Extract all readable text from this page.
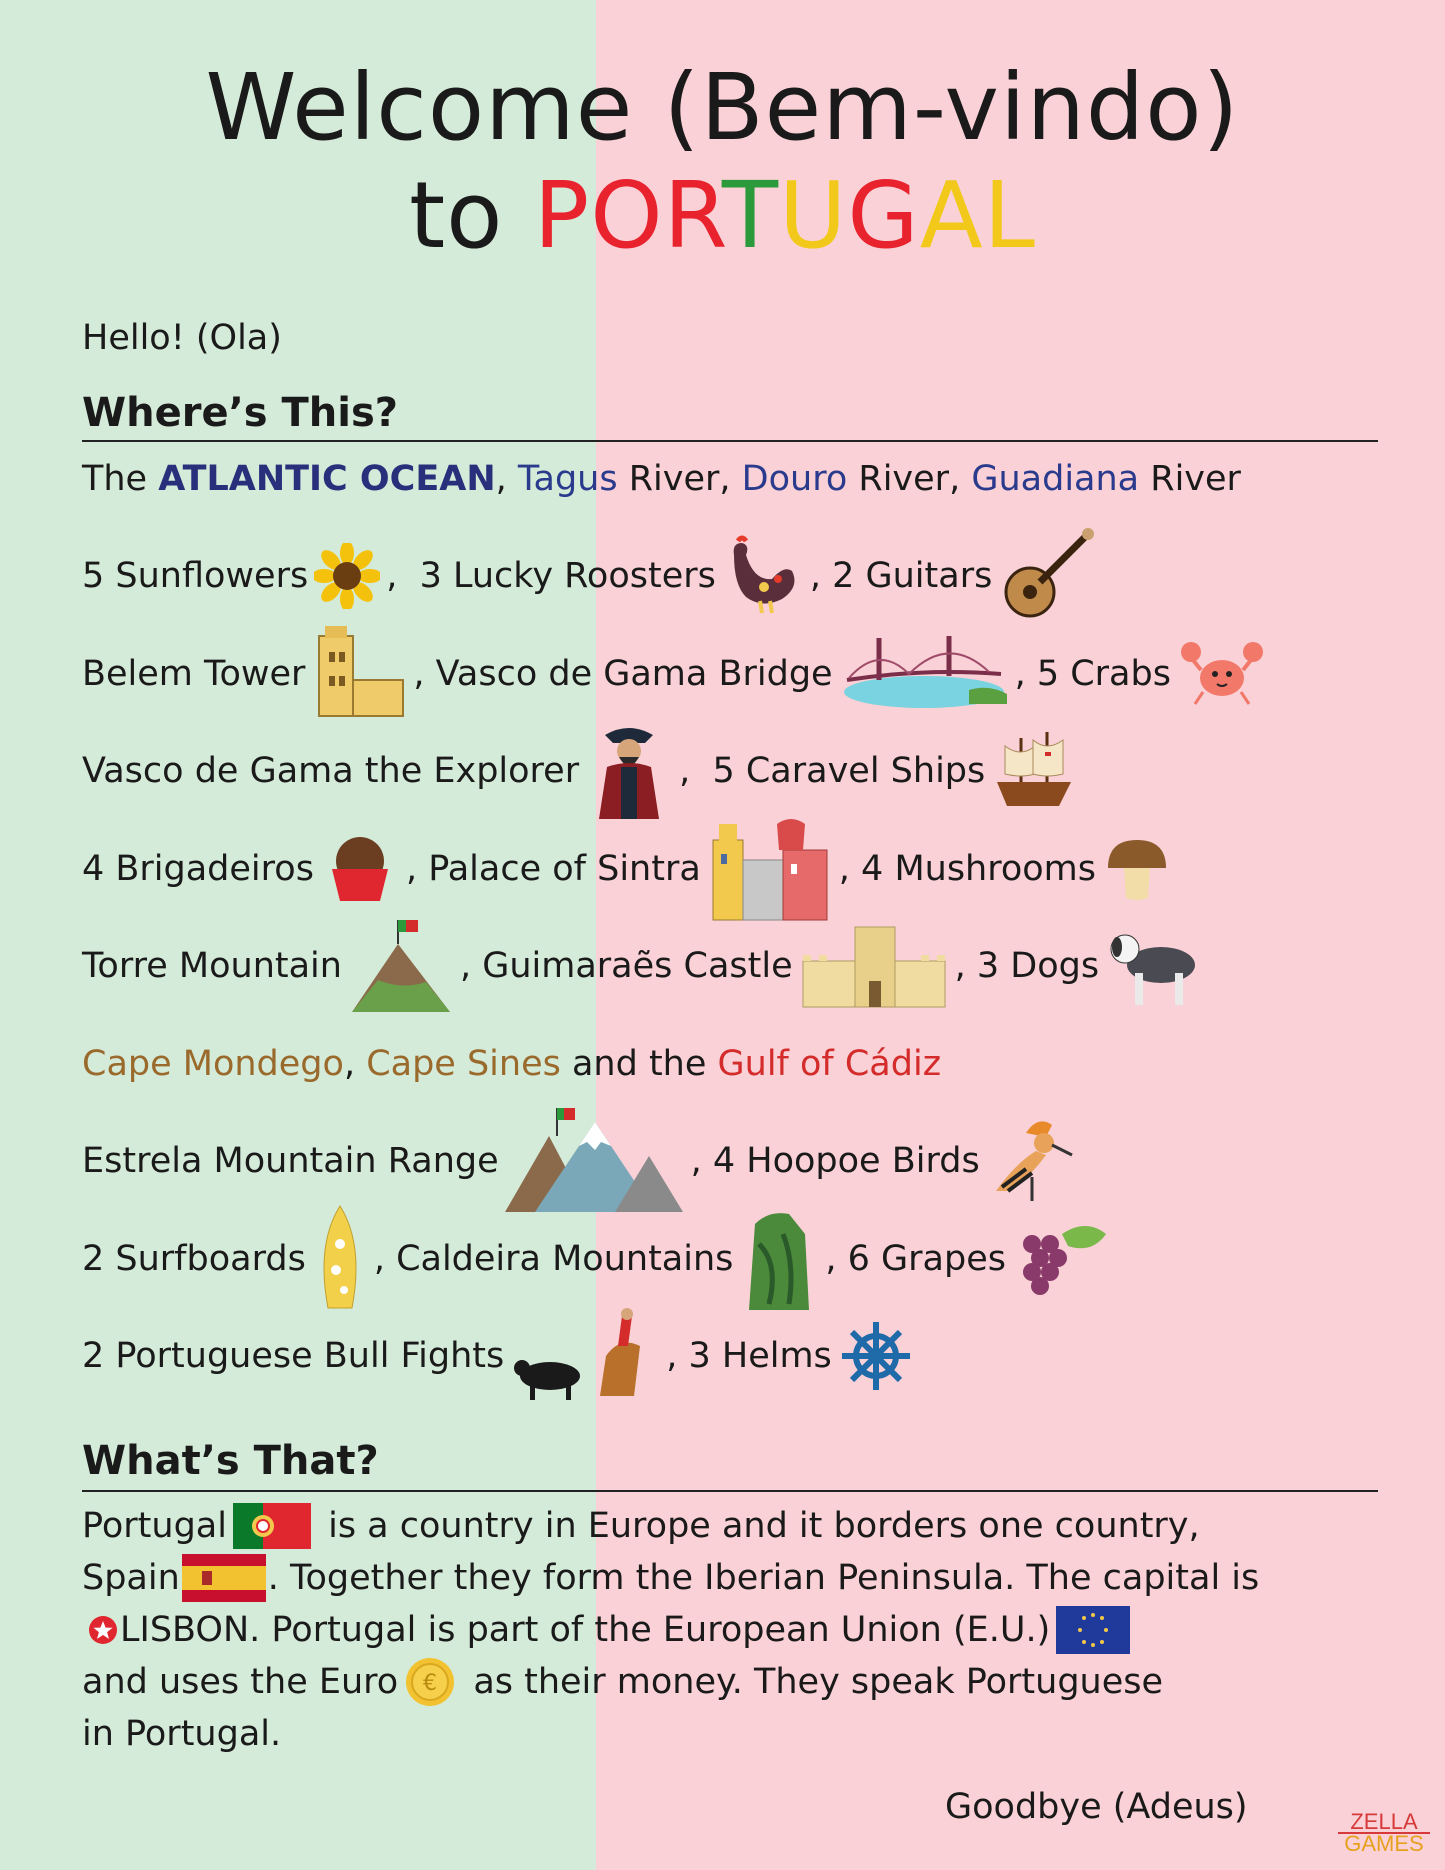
Welcome (Bem-vindo)
to PORTUGAL
Hello! (Ola)
Where’s This?
The ATLANTIC OCEAN , Tagus River , Douro River , Guadiana River
5 Sunflowers ,  3 Lucky Roosters	, 2 Guitars
Belem Tower	, Vasco de Gama Bridge	, 5 Crabs
Vasco de Gama the Explorer	,  5 Caravel Ships
4 Brigadeiros	, Palace of Sintra	, 4 Mushrooms
Torre Mountain	, Guimaraẽs Castle	, 3 Dogs
Cape Mondego , Cape Sines and the Gulf of Cádiz
Estrela Mountain Range	, 4 Hoopoe Birds
2 Surfboards , Caldeira Mountains	, 6 Grapes
2 Portuguese Bull Fights	, 3 Helms
What’s That?
Portugal	is a country in Europe and it borders one country,
Spain	. Together they form the Iberian Peninsula. The capital is
LISBON. Portugal is part of the European Union (E.U.)
and uses the Euro € as their money. They speak Portuguese
in Portugal.
Goodbye (Adeus)	ZELLA
GAMES
